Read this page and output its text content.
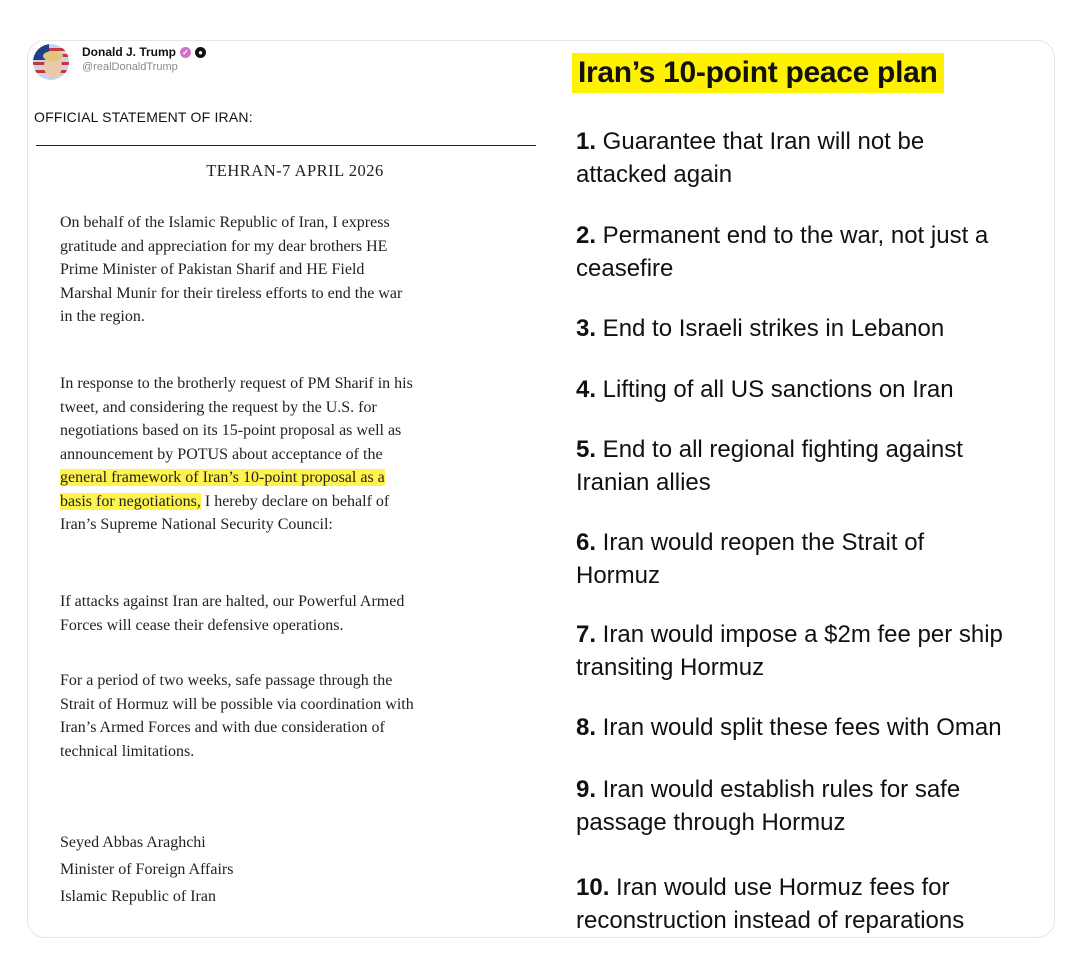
Donald J. Trump ✓	●
@realDonaldTrump
OFFICIAL STATEMENT OF IRAN:
TEHRAN-7 APRIL 2026
On behalf of the Islamic Republic of Iran, I express
gratitude and appreciation for my dear brothers HE
Prime Minister of Pakistan Sharif and HE Field
Marshal Munir for their tireless efforts to end the war
in the region.
In response to the brotherly request of PM Sharif in his
tweet, and considering the request by the U.S. for
negotiations based on its 15-point proposal as well as
announcement by POTUS about acceptance of the
general framework of Iran’s 10-point proposal as a
basis for negotiations, I hereby declare on behalf of
Iran’s Supreme National Security Council:
If attacks against Iran are halted, our Powerful Armed
Forces will cease their defensive operations.
For a period of two weeks, safe passage through the
Strait of Hormuz will be possible via coordination with
Iran’s Armed Forces and with due consideration of
technical limitations.
Seyed Abbas Araghchi
Minister of Foreign Affairs
Islamic Republic of Iran
Iran’s 10-point peace plan
1. Guarantee that Iran will not be
attacked again
2. Permanent end to the war, not just a
ceasefire
3. End to Israeli strikes in Lebanon
4. Lifting of all US sanctions on Iran
5. End to all regional fighting against
Iranian allies
6. Iran would reopen the Strait of
Hormuz
7. Iran would impose a $2m fee per ship
transiting Hormuz
8. Iran would split these fees with Oman
9. Iran would establish rules for safe
passage through Hormuz
10. Iran would use Hormuz fees for
reconstruction instead of reparations
